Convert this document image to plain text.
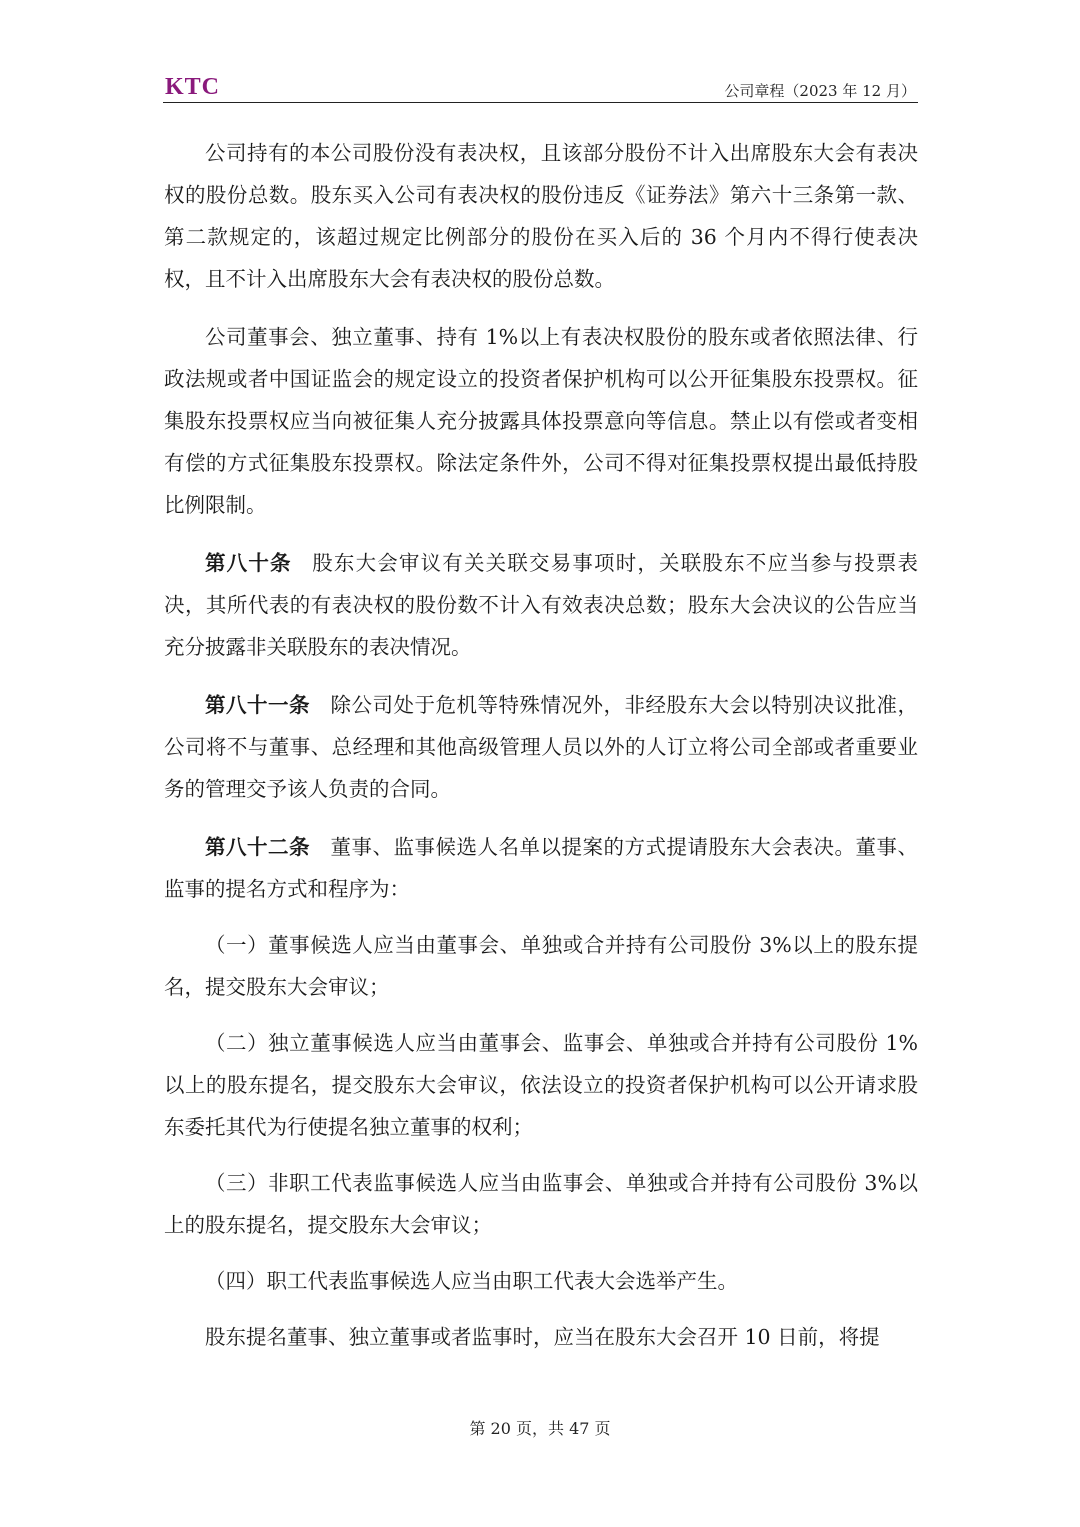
KTC	公司章程（2023 年 12 月）

公司持有的本公司股份没有表决权，且该部分股份不计入出席股东大会有表决权的股份总数。股东买入公司有表决权的股份违反《证券法》第六十三条第一款、第二款规定的，该超过规定比例部分的股份在买入后的 36 个月内不得行使表决权，且不计入出席股东大会有表决权的股份总数。

公司董事会、独立董事、持有 1%以上有表决权股份的股东或者依照法律、行政法规或者中国证监会的规定设立的投资者保护机构可以公开征集股东投票权。征集股东投票权应当向被征集人充分披露具体投票意向等信息。禁止以有偿或者变相有偿的方式征集股东投票权。除法定条件外，公司不得对征集投票权提出最低持股比例限制。

第八十条 股东大会审议有关关联交易事项时，关联股东不应当参与投票表决，其所代表的有表决权的股份数不计入有效表决总数；股东大会决议的公告应当充分披露非关联股东的表决情况。

第八十一条 除公司处于危机等特殊情况外，非经股东大会以特别决议批准，公司将不与董事、总经理和其他高级管理人员以外的人订立将公司全部或者重要业务的管理交予该人负责的合同。

第八十二条 董事、监事候选人名单以提案的方式提请股东大会表决。董事、监事的提名方式和程序为：

（一）董事候选人应当由董事会、单独或合并持有公司股份 3%以上的股东提名，提交股东大会审议；

（二）独立董事候选人应当由董事会、监事会、单独或合并持有公司股份 1%以上的股东提名，提交股东大会审议，依法设立的投资者保护机构可以公开请求股东委托其代为行使提名独立董事的权利；

（三）非职工代表监事候选人应当由监事会、单独或合并持有公司股份 3%以上的股东提名，提交股东大会审议；

（四）职工代表监事候选人应当由职工代表大会选举产生。

股东提名董事、独立董事或者监事时，应当在股东大会召开 10 日前，将提

第 20 页，共 47 页
